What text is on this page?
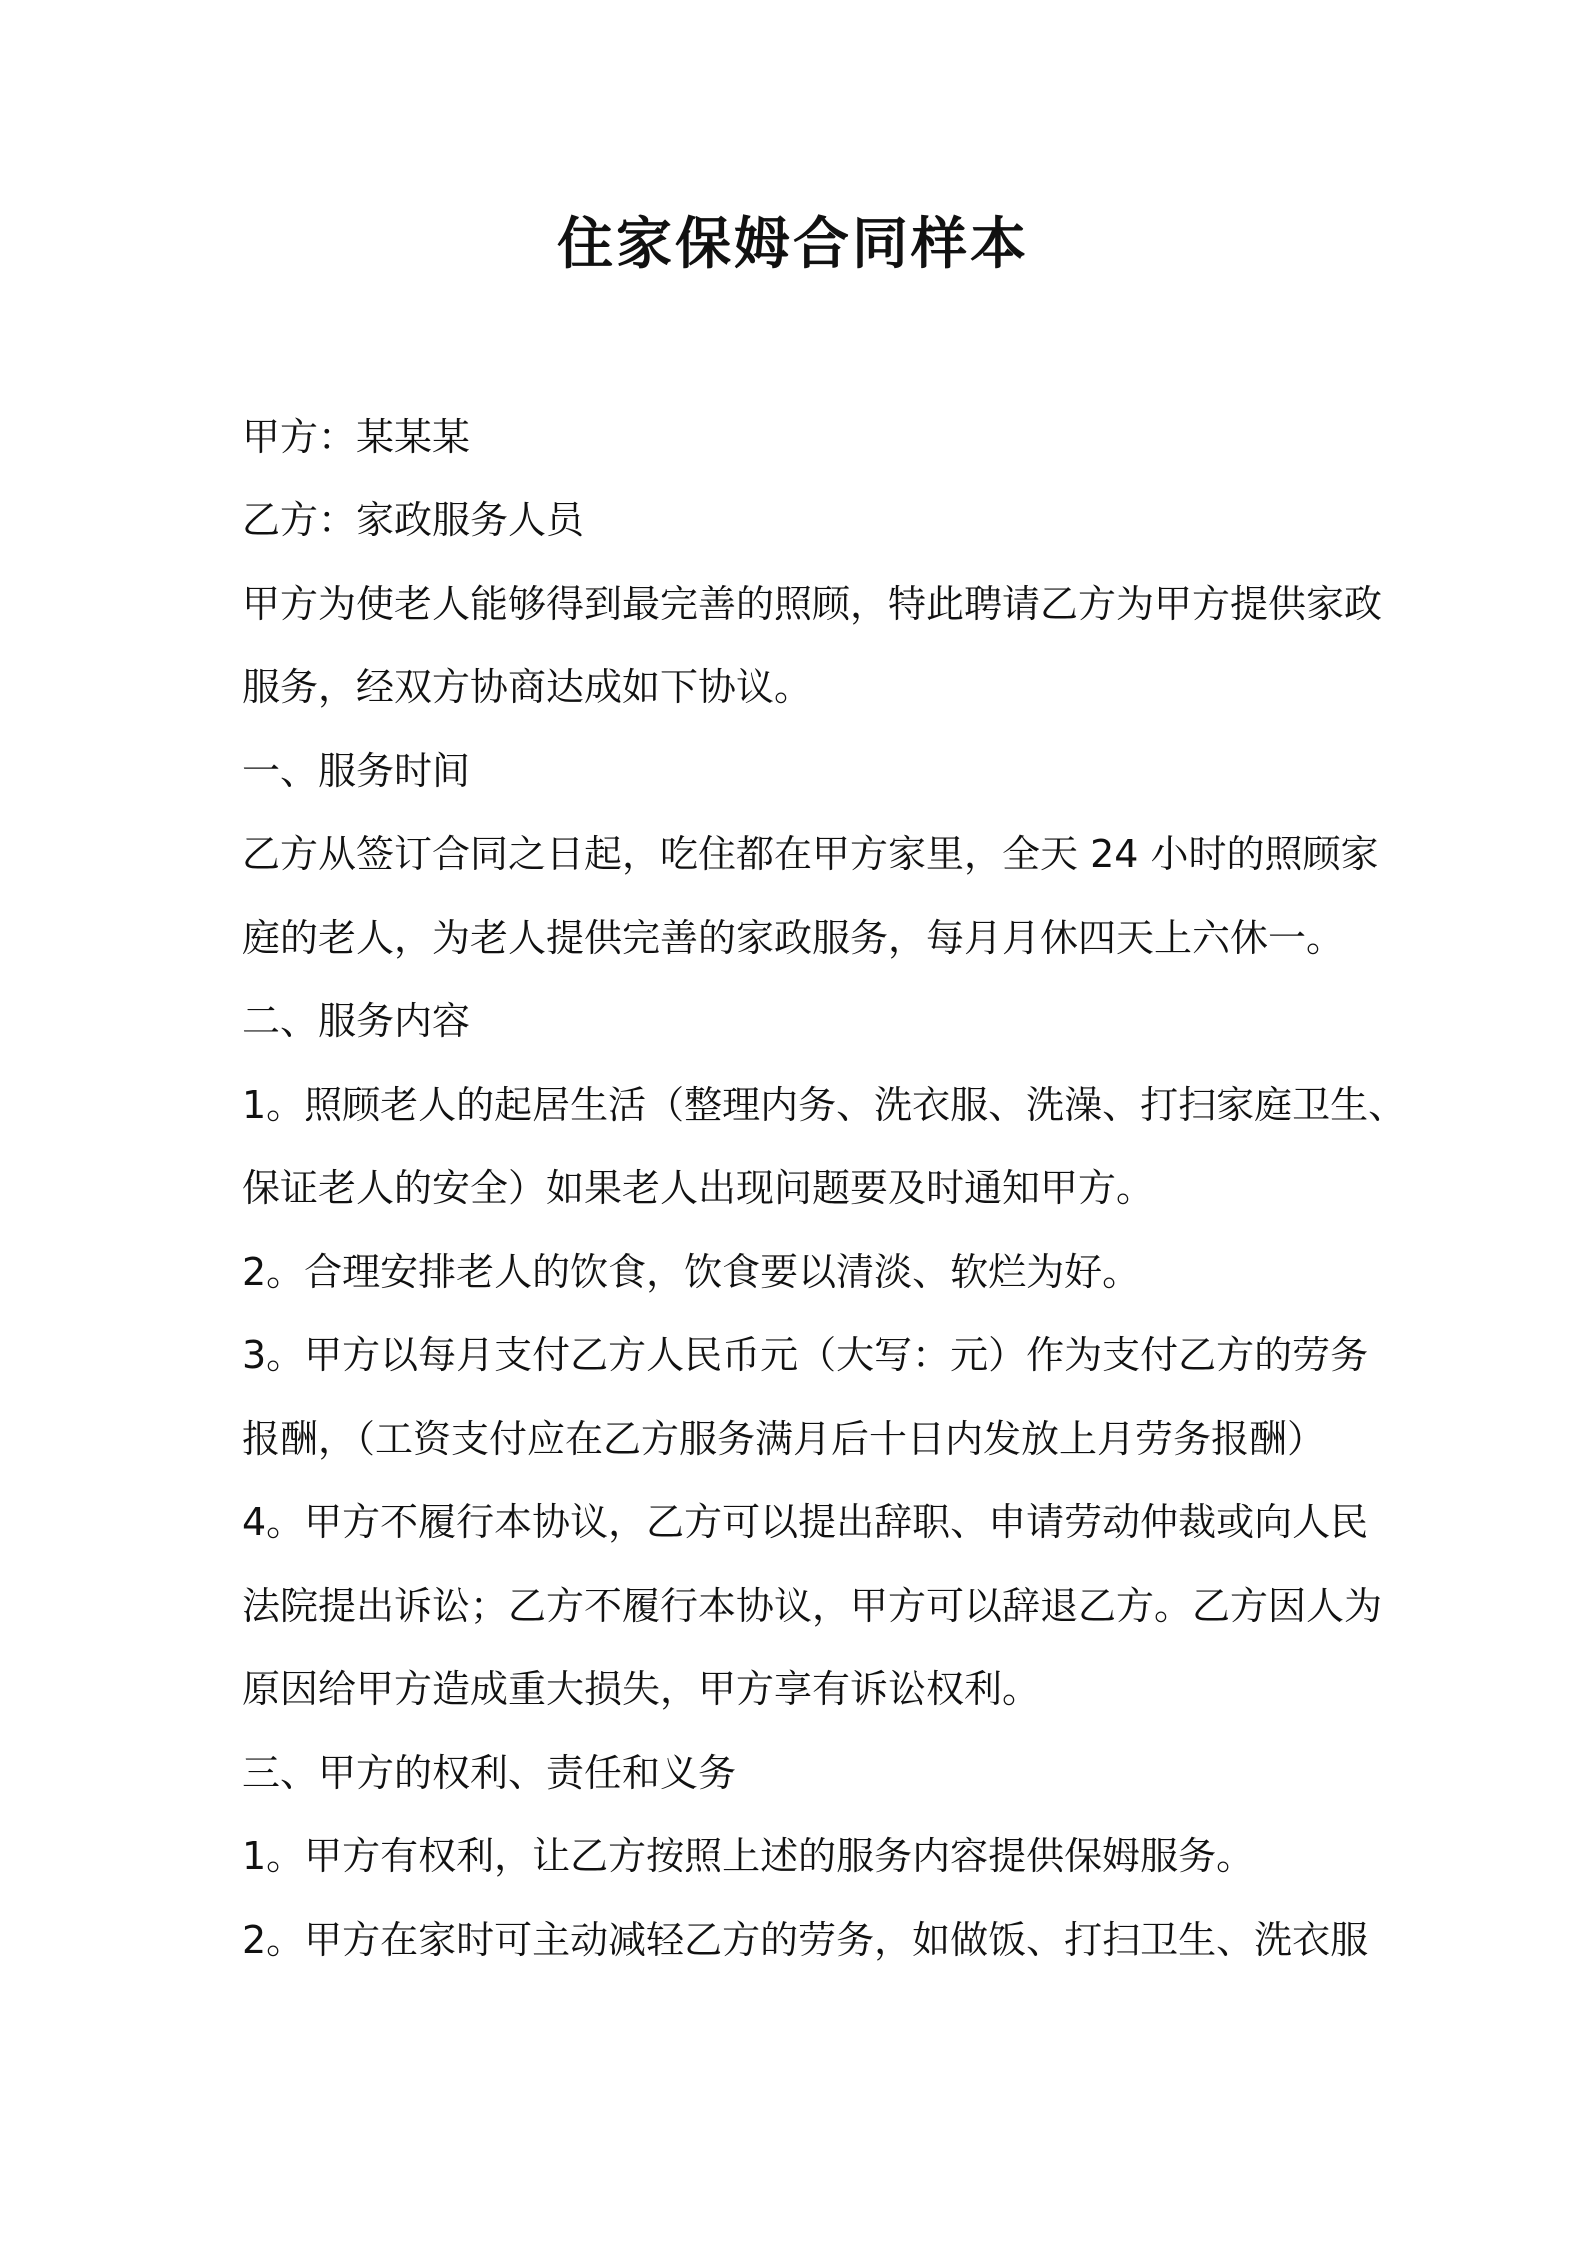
住家保姆合同样本

甲方：某某某

乙方：家政服务人员

甲方为使老人能够得到最完善的照顾，特此聘请乙方为甲方提供家政

服务，经双方协商达成如下协议。

一、服务时间

乙方从签订合同之日起，吃住都在甲方家里，全天 24 小时的照顾家

庭的老人，为老人提供完善的家政服务，每月月休四天上六休一。

二、服务内容

1。照顾老人的起居生活（整理内务、洗衣服、洗澡、打扫家庭卫生、

保证老人的安全）如果老人出现问题要及时通知甲方。

2。合理安排老人的饮食，饮食要以清淡、软烂为好。

3。甲方以每月支付乙方人民币元（大写：元）作为支付乙方的劳务

报酬，（工资支付应在乙方服务满月后十日内发放上月劳务报酬）

4。甲方不履行本协议，乙方可以提出辞职、申请劳动仲裁或向人民

法院提出诉讼；乙方不履行本协议，甲方可以辞退乙方。乙方因人为

原因给甲方造成重大损失，甲方享有诉讼权利。

三、甲方的权利、责任和义务

1。甲方有权利，让乙方按照上述的服务内容提供保姆服务。

2。甲方在家时可主动减轻乙方的劳务，如做饭、打扫卫生、洗衣服
